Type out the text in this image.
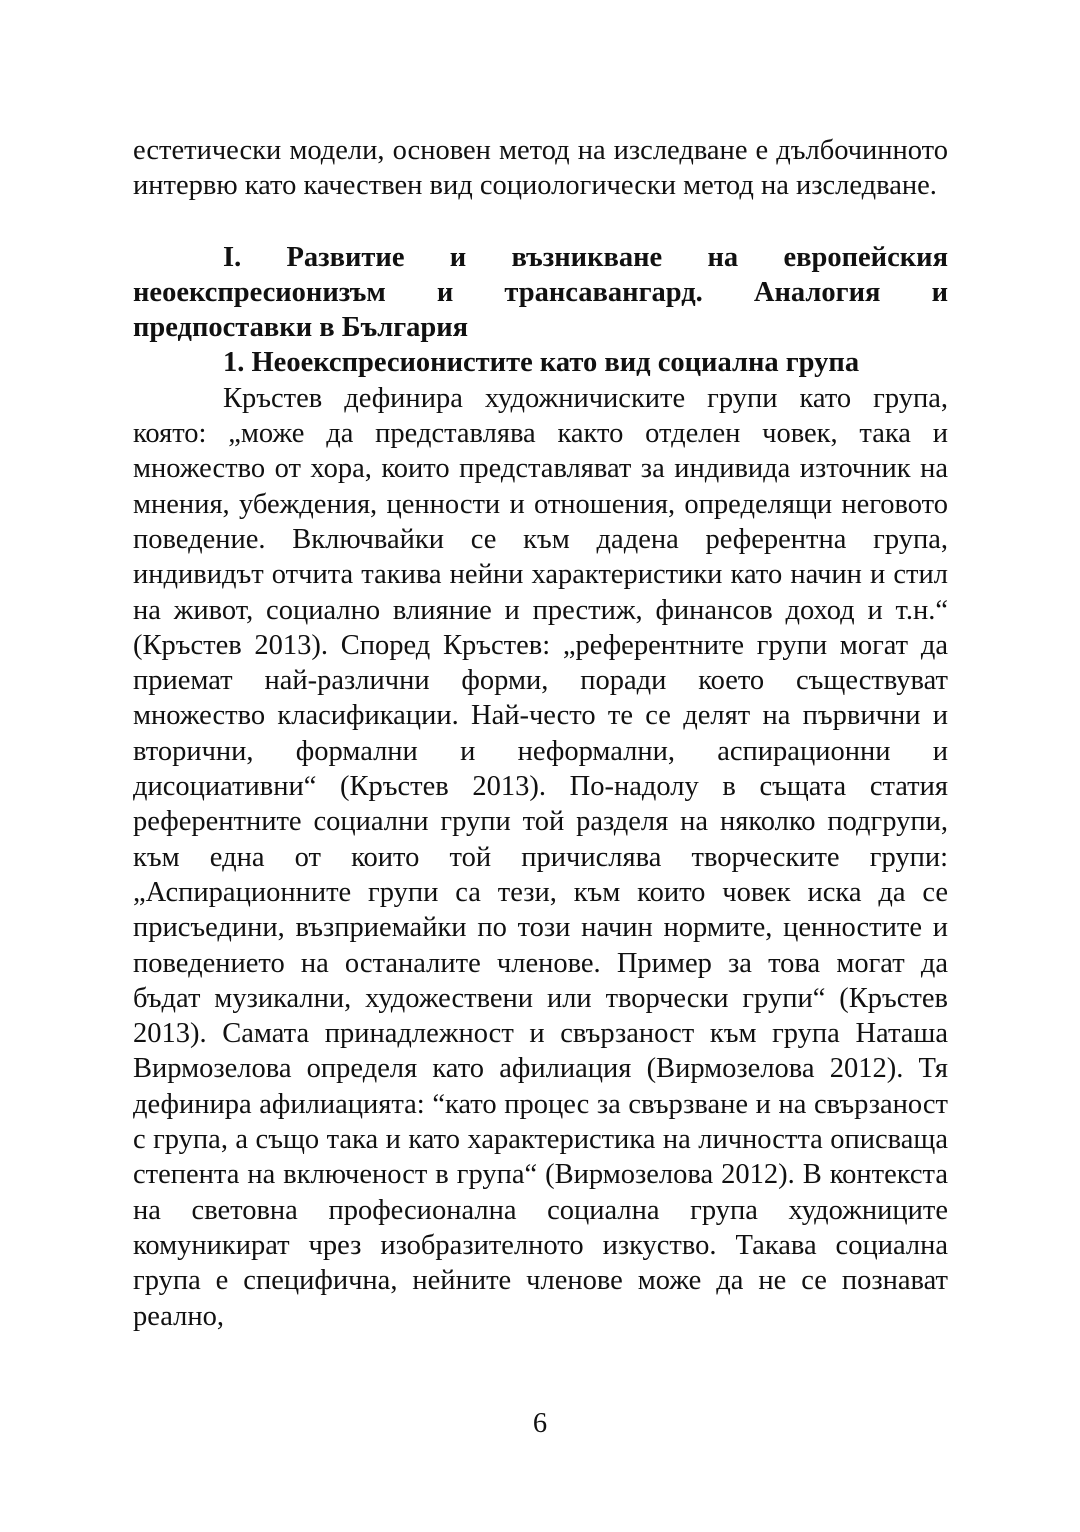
естетически модели, основен метод на изследване е дълбочинното интервю като качествен вид социологически метод на изследване.

I. Развитие и възникване на европейския неоекспресионизъм и трансавангард. Аналогия и предпоставки в България

1. Неоекспресионистите като вид социална група

Кръстев дефинира художничиските групи като група, която: „може да представлява както отделен човек, така и множество от хора, които представляват за индивида източник на мнения, убеждения, ценности и отношения, определящи неговото поведение. Включвайки се към дадена референтна група, индивидът отчита такива нейни характеристики като начин и стил на живот, социално влияние и престиж, финансов доход и т.н.“ (Кръстев 2013). Според Кръстев: „референтните групи могат да приемат най-различни форми, поради което съществуват множество класификации. Най-често те се делят на първични и вторични, формални и неформални, аспирационни и дисоциативни“ (Кръстев 2013). По-надолу в същата статия референтните социални групи той разделя на няколко подгрупи, към една от които той причислява творческите групи: „Аспирационните групи са тези, към които човек иска да се присъедини, възприемайки по този начин нормите, ценностите и поведението на останалите членове. Пример за това могат да бъдат музикални, художествени или творчески групи“ (Кръстев 2013). Самата принадлежност и свързаност към група Наташа Вирмозелова определя като афилиация (Вирмозелова 2012). Тя дефинира афилиацията: “като процес за свързване и на свързаност с група, а също така и като характеристика на личността описваща степента на включеност в група“ (Вирмозелова 2012). В контекста на световна професионална социална група художниците комуникират чрез изобразителното изкуство. Такава социална група е специфична, нейните членове може да не се познават реално,

6
